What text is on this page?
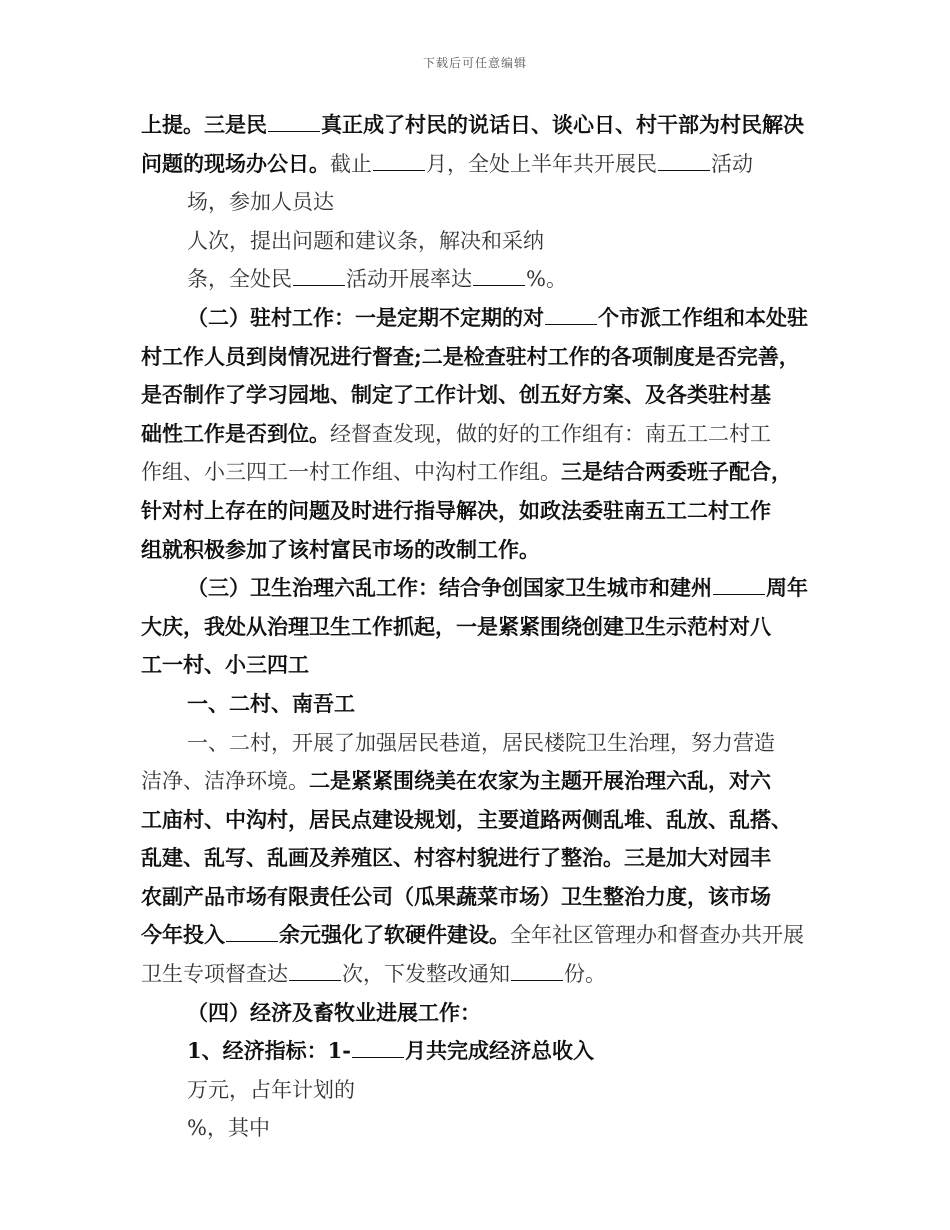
下载后可任意编辑
上提。三是民	真正成了村民的说话日、谈心日、村干部为村民解决
问题的现场办公日。截止	月，全处上半年共开展民	活动
场，参加人员达
人次，提出问题和建议条，解决和采纳
条，全处民	活动开展率达	%。
（二）驻村工作：一是定期不定期的对	个市派工作组和本处驻
村工作人员到岗情况进行督查;二是检查驻村工作的各项制度是否完善，
是否制作了学习园地、制定了工作计划、创五好方案、及各类驻村基
础性工作是否到位。经督查发现，做的好的工作组有：南五工二村工
作组、小三四工一村工作组、中沟村工作组。三是结合两委班子配合，
针对村上存在的问题及时进行指导解决，如政法委驻南五工二村工作
组就积极参加了该村富民市场的改制工作。
（三）卫生治理六乱工作：结合争创国家卫生城市和建州	周年
大庆，我处从治理卫生工作抓起，一是紧紧围绕创建卫生示范村对八
工一村、小三四工
一、二村、南吾工
一、二村，开展了加强居民巷道，居民楼院卫生治理，努力营造
洁净、洁净环境。二是紧紧围绕美在农家为主题开展治理六乱，对六
工庙村、中沟村，居民点建设规划，主要道路两侧乱堆、乱放、乱搭、
乱建、乱写、乱画及养殖区、村容村貌进行了整治。三是加大对园丰
农副产品市场有限责任公司（瓜果蔬菜市场）卫生整治力度，该市场
今年投入	余元强化了软硬件建设。全年社区管理办和督查办共开展
卫生专项督查达	次，下发整改通知	份。
（四）经济及畜牧业进展工作：
1、经济指标：1-	月共完成经济总收入
万元，占年计划的
%，其中
